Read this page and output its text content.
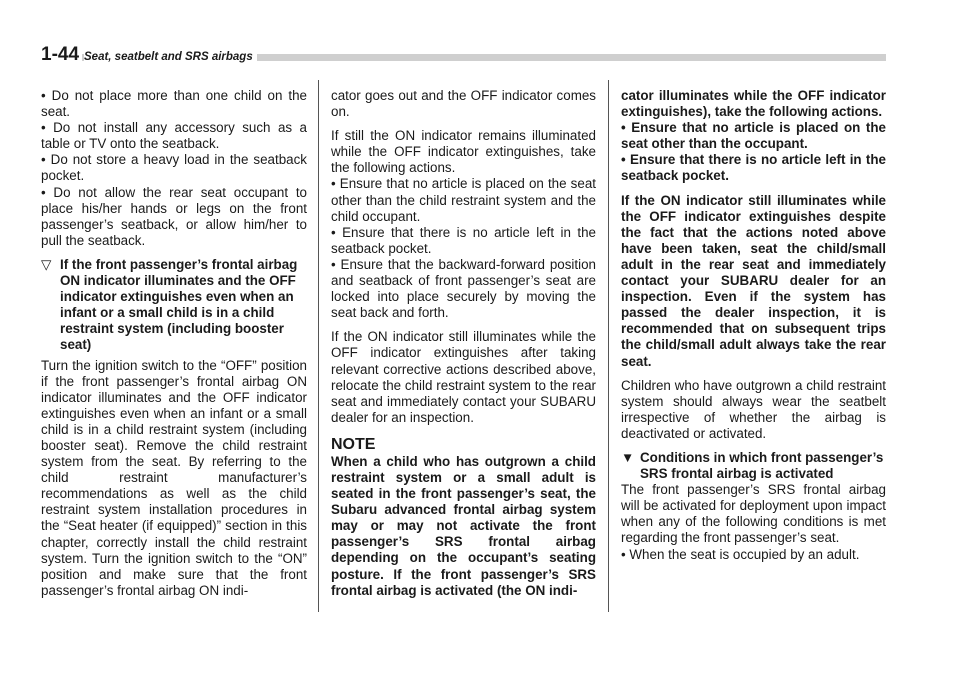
1-44 Seat, seatbelt and SRS airbags

• Do not place more than one child on the seat.

• Do not install any accessory such as a table or TV onto the seatback.

• Do not store a heavy load in the seatback pocket.

• Do not allow the rear seat occupant to place his/her hands or legs on the front passenger’s seatback, or allow him/her to pull the seatback.

▽ If the front passenger’s frontal airbag ON indicator illuminates and the OFF indicator extinguishes even when an infant or a small child is in a child restraint system (including booster seat)

Turn the ignition switch to the “OFF” position if the front passenger’s frontal airbag ON indicator illuminates and the OFF indicator extinguishes even when an infant or a small child is in a child restraint system (including booster seat). Remove the child restraint system from the seat. By referring to the child restraint manufacturer’s recommendations as well as the child restraint system installation procedures in the “Seat heater (if equipped)” section in this chapter, correctly install the child restraint system. Turn the ignition switch to the “ON” position and make sure that the front passenger’s frontal airbag ON indi-

cator goes out and the OFF indicator comes on.

If still the ON indicator remains illuminated while the OFF indicator extinguishes, take the following actions.

• Ensure that no article is placed on the seat other than the child restraint system and the child occupant.

• Ensure that there is no article left in the seatback pocket.

• Ensure that the backward-forward position and seatback of front passenger’s seat are locked into place securely by moving the seat back and forth.

If the ON indicator still illuminates while the OFF indicator extinguishes after taking relevant corrective actions described above, relocate the child restraint system to the rear seat and immediately contact your SUBARU dealer for an inspection.

NOTE

When a child who has outgrown a child restraint system or a small adult is seated in the front passenger’s seat, the Subaru advanced frontal airbag system may or may not activate the front passenger’s SRS frontal airbag depending on the occupant’s seating posture. If the front passenger’s SRS frontal airbag is activated (the ON indi-

cator illuminates while the OFF indicator extinguishes), take the following actions.

• Ensure that no article is placed on the seat other than the occupant.

• Ensure that there is no article left in the seatback pocket.

If the ON indicator still illuminates while the OFF indicator extinguishes despite the fact that the actions noted above have been taken, seat the child/small adult in the rear seat and immediately contact your SUBARU dealer for an inspection. Even if the system has passed the dealer inspection, it is recommended that on subsequent trips the child/small adult always take the rear seat.

Children who have outgrown a child restraint system should always wear the seatbelt irrespective of whether the airbag is deactivated or activated.

▼ Conditions in which front passenger’s SRS frontal airbag is activated

The front passenger’s SRS frontal airbag will be activated for deployment upon impact when any of the following conditions is met regarding the front passenger’s seat.

• When the seat is occupied by an adult.
